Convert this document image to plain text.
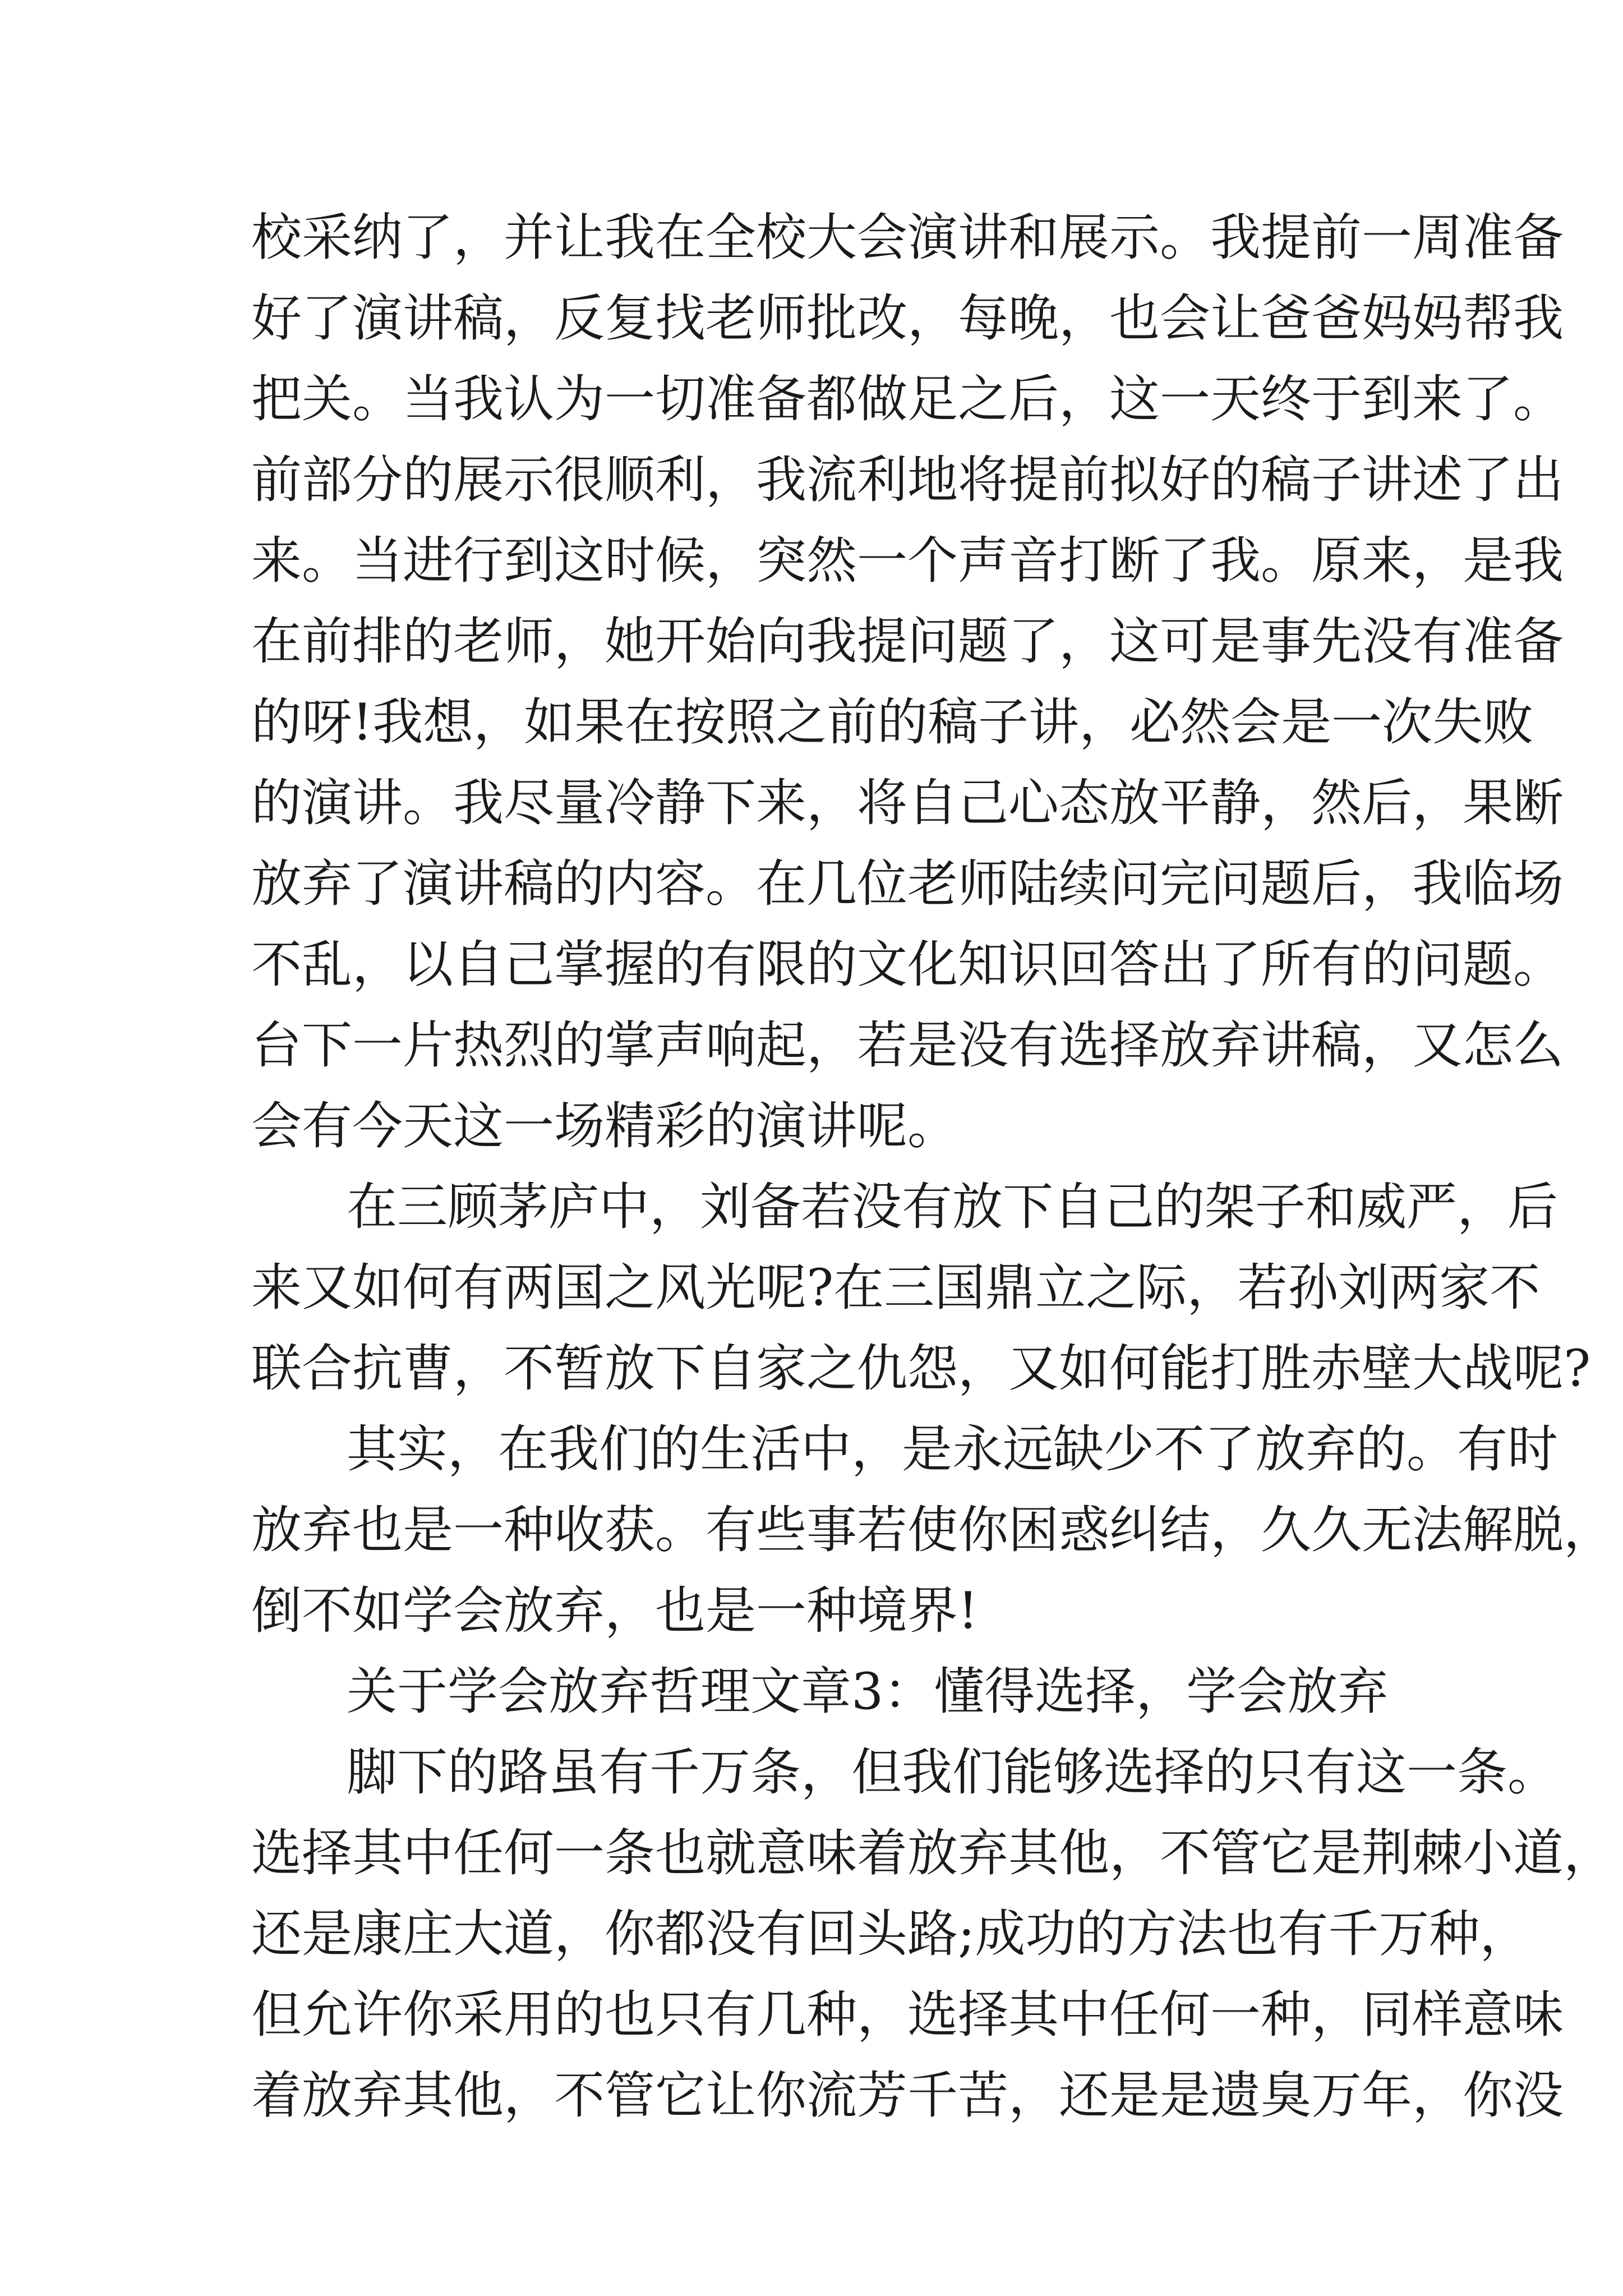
校采纳了，并让我在全校大会演讲和展示。我提前一周准备
好了演讲稿，反复找老师批改，每晚，也会让爸爸妈妈帮我
把关。当我认为一切准备都做足之后，这一天终于到来了。
前部分的展示很顺利，我流利地将提前拟好的稿子讲述了出
来。当进行到这时候，突然一个声音打断了我。原来，是我
在前排的老师，她开始向我提问题了，这可是事先没有准备
的呀!我想，如果在按照之前的稿子讲，必然会是一次失败
的演讲。我尽量冷静下来，将自己心态放平静，然后，果断
放弃了演讲稿的内容。在几位老师陆续问完问题后，我临场
不乱，以自己掌握的有限的文化知识回答出了所有的问题。
台下一片热烈的掌声响起，若是没有选择放弃讲稿，又怎么
会有今天这一场精彩的演讲呢。
在三顾茅庐中，刘备若没有放下自己的架子和威严，后
来又如何有两国之风光呢?在三国鼎立之际，若孙刘两家不
联合抗曹，不暂放下自家之仇怨，又如何能打胜赤壁大战呢?
其实，在我们的生活中，是永远缺少不了放弃的。有时
放弃也是一种收获。有些事若使你困惑纠结，久久无法解脱，
倒不如学会放弃，也是一种境界!
关于学会放弃哲理文章3：懂得选择，学会放弃
脚下的路虽有千万条，但我们能够选择的只有这一条。
选择其中任何一条也就意味着放弃其他，不管它是荆棘小道，
还是康庄大道，你都没有回头路;成功的方法也有千万种，
但允许你采用的也只有几种，选择其中任何一种，同样意味
着放弃其他，不管它让你流芳千苦，还是是遗臭万年，你没
